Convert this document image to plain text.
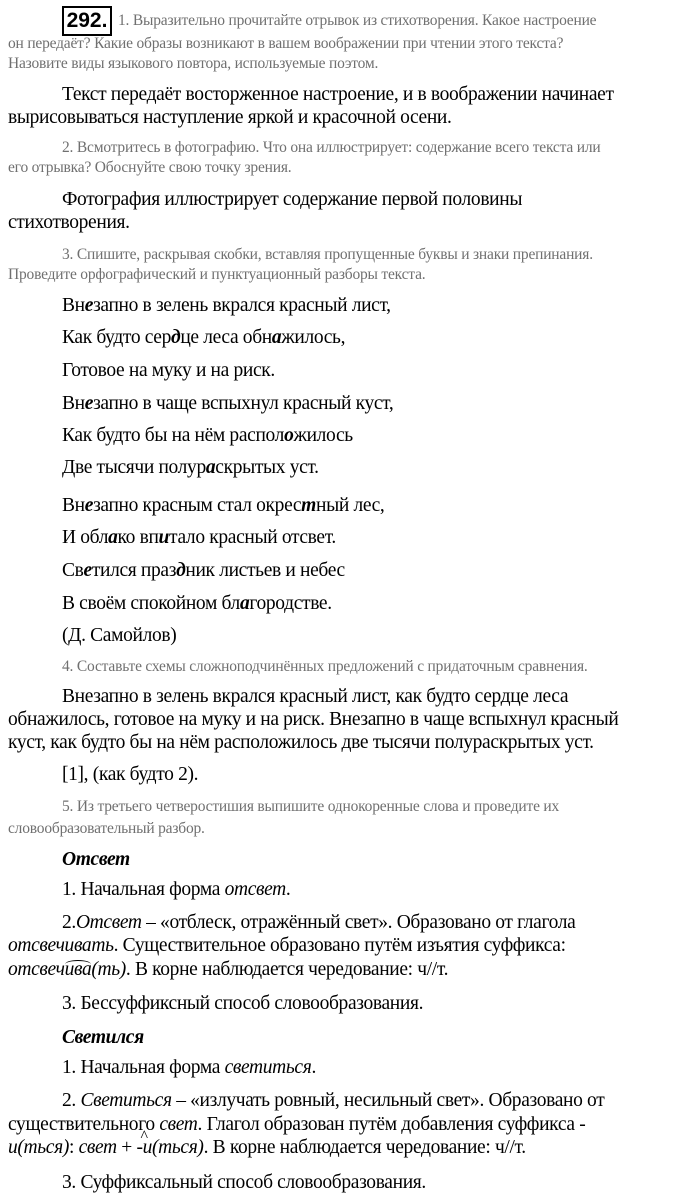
292. 1. Выразительно прочитайте отрывок из стихотворения. Какое настроение
он передаёт? Какие образы возникают в вашем воображении при чтении этого текста?
Назовите виды языкового повтора, используемые поэтом.
Текст передаёт восторженное настроение, и в воображении начинает
вырисовываться наступление яркой и красочной осени.
2. Всмотритесь в фотографию. Что она иллюстрирует: содержание всего текста или
его отрывка? Обоснуйте свою точку зрения.
Фотография иллюстрирует содержание первой половины
стихотворения.
3. Спишите, раскрывая скобки, вставляя пропущенные буквы и знаки препинания.
Проведите орфографический и пунктуационный разборы текста.
Внезапно в зелень вкрался красный лист,
Как будто сердце леса обнажилось,
Готовое на муку и на риск.
Внезапно в чаще вспыхнул красный куст,
Как будто бы на нём расположилось
Две тысячи полураскрытых уст.
Внезапно красным стал окрестный лес,
И облако впитало красный отсвет.
Светился праздник листьев и небес
В своём спокойном благородстве.
(Д. Самойлов)
4. Составьте схемы сложноподчинённых предложений с придаточным сравнения.
Внезапно в зелень вкрался красный лист, как будто сердце леса
обнажилось, готовое на муку и на риск. Внезапно в чаще вспыхнул красный
куст, как будто бы на нём расположилось две тысячи полураскрытых уст.
[1], (как будто 2).
5. Из третьего четверостишия выпишите однокоренные слова и проведите их
словообразовательный разбор.
Отсвет
1. Начальная форма отсвет.
2.Отсвет – «отблеск, отражённый свет». Образовано от глагола
отсвечивать. Существительное образовано путём изъятия суффикса:
отсвечива(ть). В корне наблюдается чередование: ч//т.
3. Бессуффиксный способ словообразования.
Светился
1. Начальная форма светиться.
2. Светиться – «излучать ровный, несильный свет». Образовано от
существительного свет. Глагол образован путём добавления суффикса -
и(ться): свет + ^ -и(ться). В корне наблюдается чередование: ч//т.
3. Суффиксальный способ словообразования.
